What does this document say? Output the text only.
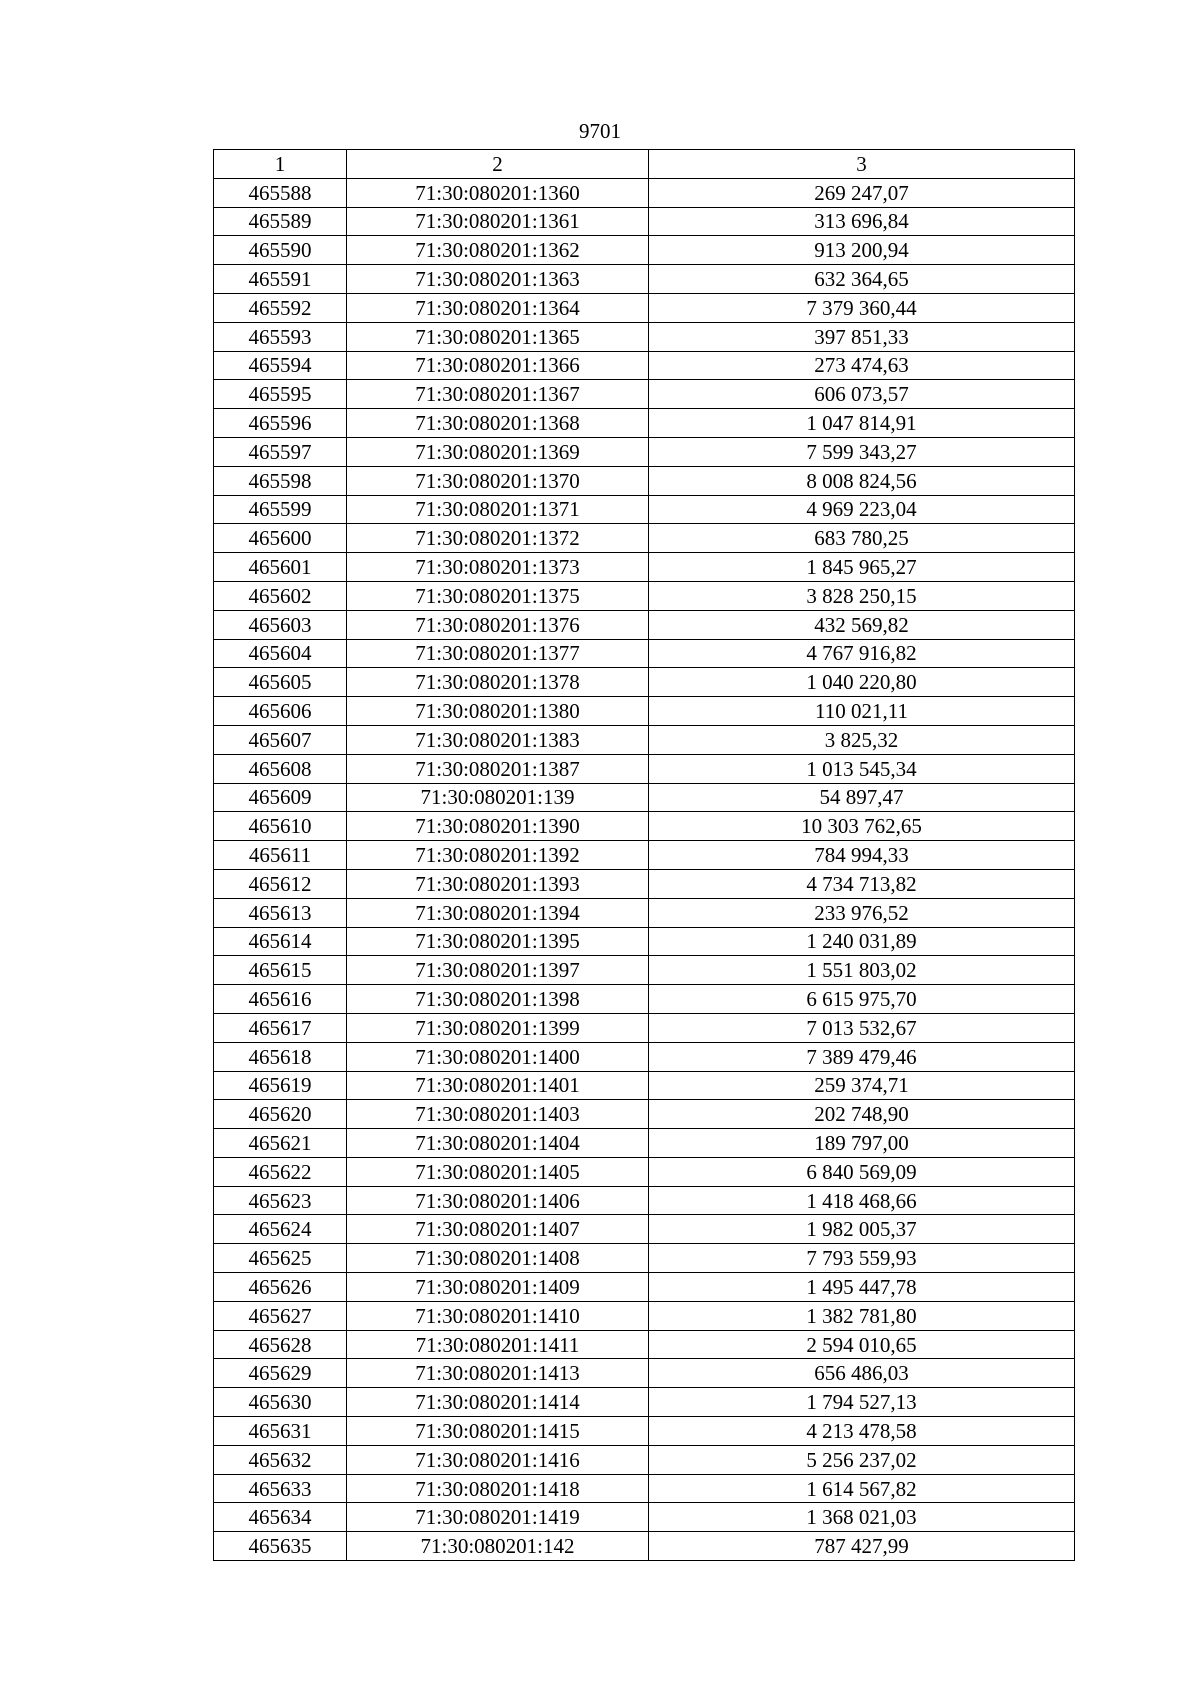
9701
1	2	3
465588	71:30:080201:1360	269 247,07
465589	71:30:080201:1361	313 696,84
465590	71:30:080201:1362	913 200,94
465591	71:30:080201:1363	632 364,65
465592	71:30:080201:1364	7 379 360,44
465593	71:30:080201:1365	397 851,33
465594	71:30:080201:1366	273 474,63
465595	71:30:080201:1367	606 073,57
465596	71:30:080201:1368	1 047 814,91
465597	71:30:080201:1369	7 599 343,27
465598	71:30:080201:1370	8 008 824,56
465599	71:30:080201:1371	4 969 223,04
465600	71:30:080201:1372	683 780,25
465601	71:30:080201:1373	1 845 965,27
465602	71:30:080201:1375	3 828 250,15
465603	71:30:080201:1376	432 569,82
465604	71:30:080201:1377	4 767 916,82
465605	71:30:080201:1378	1 040 220,80
465606	71:30:080201:1380	110 021,11
465607	71:30:080201:1383	3 825,32
465608	71:30:080201:1387	1 013 545,34
465609	71:30:080201:139	54 897,47
465610	71:30:080201:1390	10 303 762,65
465611	71:30:080201:1392	784 994,33
465612	71:30:080201:1393	4 734 713,82
465613	71:30:080201:1394	233 976,52
465614	71:30:080201:1395	1 240 031,89
465615	71:30:080201:1397	1 551 803,02
465616	71:30:080201:1398	6 615 975,70
465617	71:30:080201:1399	7 013 532,67
465618	71:30:080201:1400	7 389 479,46
465619	71:30:080201:1401	259 374,71
465620	71:30:080201:1403	202 748,90
465621	71:30:080201:1404	189 797,00
465622	71:30:080201:1405	6 840 569,09
465623	71:30:080201:1406	1 418 468,66
465624	71:30:080201:1407	1 982 005,37
465625	71:30:080201:1408	7 793 559,93
465626	71:30:080201:1409	1 495 447,78
465627	71:30:080201:1410	1 382 781,80
465628	71:30:080201:1411	2 594 010,65
465629	71:30:080201:1413	656 486,03
465630	71:30:080201:1414	1 794 527,13
465631	71:30:080201:1415	4 213 478,58
465632	71:30:080201:1416	5 256 237,02
465633	71:30:080201:1418	1 614 567,82
465634	71:30:080201:1419	1 368 021,03
465635	71:30:080201:142	787 427,99
